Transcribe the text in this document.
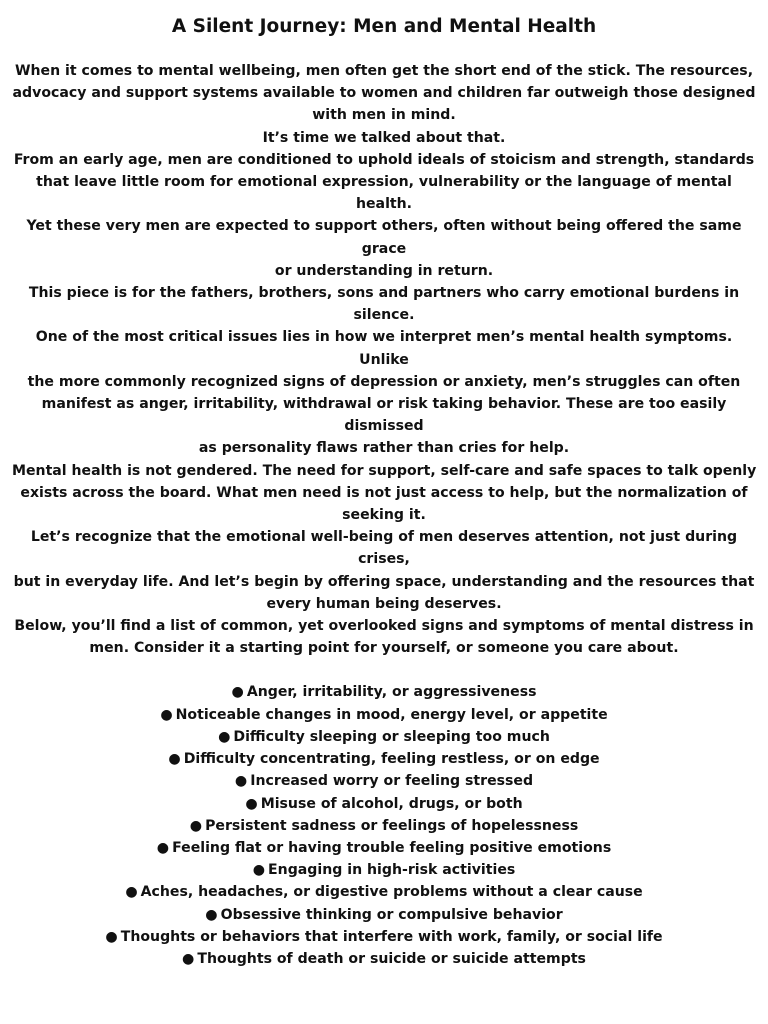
A Silent Journey: Men and Mental Health
When it comes to mental wellbeing, men often get the short end of the stick. The resources,
advocacy and support systems available to women and children far outweigh those designed
with men in mind.
It’s time we talked about that.
From an early age, men are conditioned to uphold ideals of stoicism and strength, standards
that leave little room for emotional expression, vulnerability or the language of mental
health.
Yet these very men are expected to support others, often without being offered the same
grace
or understanding in return.
This piece is for the fathers, brothers, sons and partners who carry emotional burdens in
silence.
One of the most critical issues lies in how we interpret men’s mental health symptoms.
Unlike
the more commonly recognized signs of depression or anxiety, men’s struggles can often
manifest as anger, irritability, withdrawal or risk taking behavior. These are too easily
dismissed
as personality flaws rather than cries for help.
Mental health is not gendered. The need for support, self-care and safe spaces to talk openly
exists across the board. What men need is not just access to help, but the normalization of
seeking it.
Let’s recognize that the emotional well-being of men deserves attention, not just during
crises,
but in everyday life. And let’s begin by offering space, understanding and the resources that
every human being deserves.
Below, you’ll find a list of common, yet overlooked signs and symptoms of mental distress in
men. Consider it a starting point for yourself, or someone you care about.
● Anger, irritability, or aggressiveness
● Noticeable changes in mood, energy level, or appetite
● Difficulty sleeping or sleeping too much
● Difficulty concentrating, feeling restless, or on edge
● Increased worry or feeling stressed
● Misuse of alcohol, drugs, or both
● Persistent sadness or feelings of hopelessness
● Feeling flat or having trouble feeling positive emotions
● Engaging in high-risk activities
● Aches, headaches, or digestive problems without a clear cause
● Obsessive thinking or compulsive behavior
● Thoughts or behaviors that interfere with work, family, or social life
● Thoughts of death or suicide or suicide attempts
